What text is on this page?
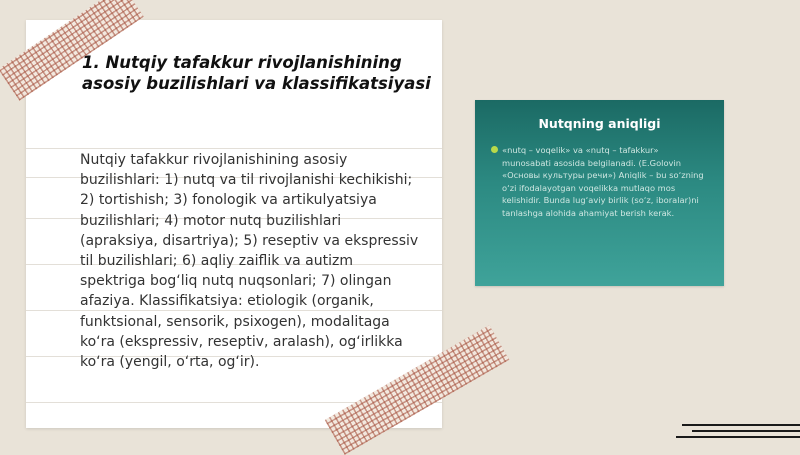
1. Nutqiy tafakkur rivojlanishining asosiy buzilishlari va klassifikatsiyasi

Nutqiy tafakkur rivojlanishining asosiy buzilishlari: 1) nutq va til rivojlanishi kechikishi; 2) tortishish; 3) fonologik va artikulyatsiya buzilishlari; 4) motor nutq buzilishlari (apraksiya, disartriya); 5) reseptiv va ekspressiv til buzilishlari; 6) aqliy zaiflik va autizm spektriga bog‘liq nutq nuqsonlari; 7) olingan afaziya. Klassifikatsiya: etiologik (organik, funktsional, sensorik, psixogen), modalitaga ko‘ra (ekspressiv, reseptiv, aralash), og‘irlikka ko‘ra (yengil, o‘rta, og‘ir).

Nutqning aniqligi

«nutq – voqelik» va «nutq – tafakkur» munosabati asosida belgilanadi. (E.Golovin «Основы культуры речи») Aniqlik – bu so‘zning o‘zi ifodalayotgan voqelikka mutlaqo mos kelishidir. Bunda lug‘aviy birlik (so‘z, iboralar)ni tanlashga alohida ahamiyat berish kerak.
